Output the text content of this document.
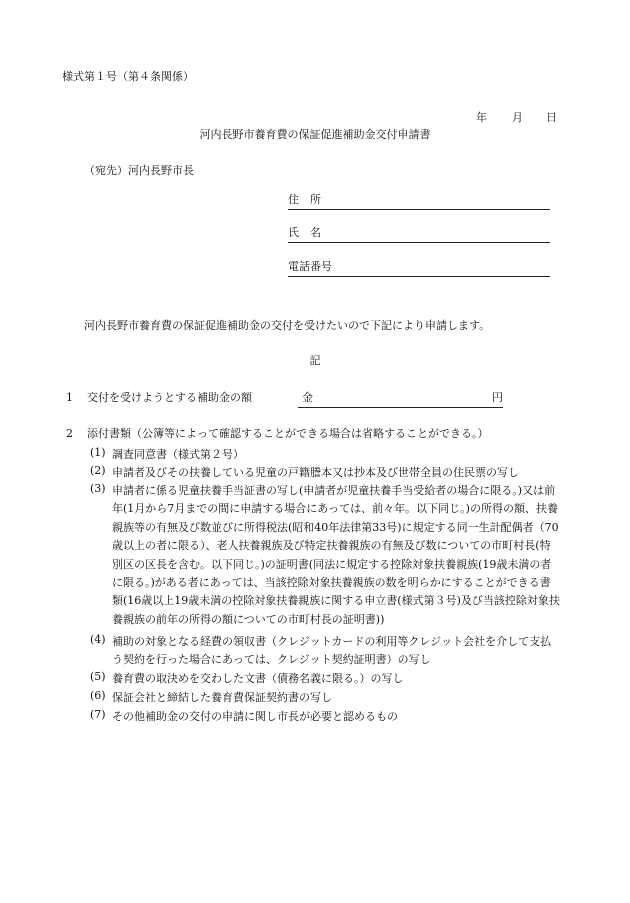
様式第１号（第４条関係）
年 月 日
河内長野市養育費の保証促進補助金交付申請書
（宛先）河内長野市長
住　所
氏　名
電話番号
河内長野市養育費の保証促進補助金の交付を受けたいので下記により申請します。
記
1 交付を受けようとする補助金の額	金	円
2 添付書類（公簿等によって確認することができる場合は省略することができる。）
(1) 調査同意書（様式第２号）
(2) 申請者及びその扶養している児童の戸籍謄本又は抄本及び世帯全員の住民票の写し
(3) 申請者に係る児童扶養手当証書の写し(申請者が児童扶養手当受給者の場合に限る。)又は前年(1月から7月までの間に申請する場合にあっては、前々年。以下同じ。)の所得の額、扶養親族等の有無及び数並びに所得税法(昭和40年法律第33号)に規定する同一生計配偶者（70歳以上の者に限る）、老人扶養親族及び特定扶養親族の有無及び数についての市町村長(特別区の区長を含む。以下同じ。)の証明書(同法に規定する控除対象扶養親族(19歳未満の者に限る。)がある者にあっては、当該控除対象扶養親族の数を明らかにすることができる書類(16歳以上19歳未満の控除対象扶養親族に関する申立書(様式第３号)及び当該控除対象扶養親族の前年の所得の額についての市町村長の証明書))
(4) 補助の対象となる経費の領収書（クレジットカードの利用等クレジット会社を介して支払う契約を行った場合にあっては、クレジット契約証明書）の写し
(5) 養育費の取決めを交わした文書（債務名義に限る。）の写し
(6) 保証会社と締結した養育費保証契約書の写し
(7) その他補助金の交付の申請に関し市長が必要と認めるもの
